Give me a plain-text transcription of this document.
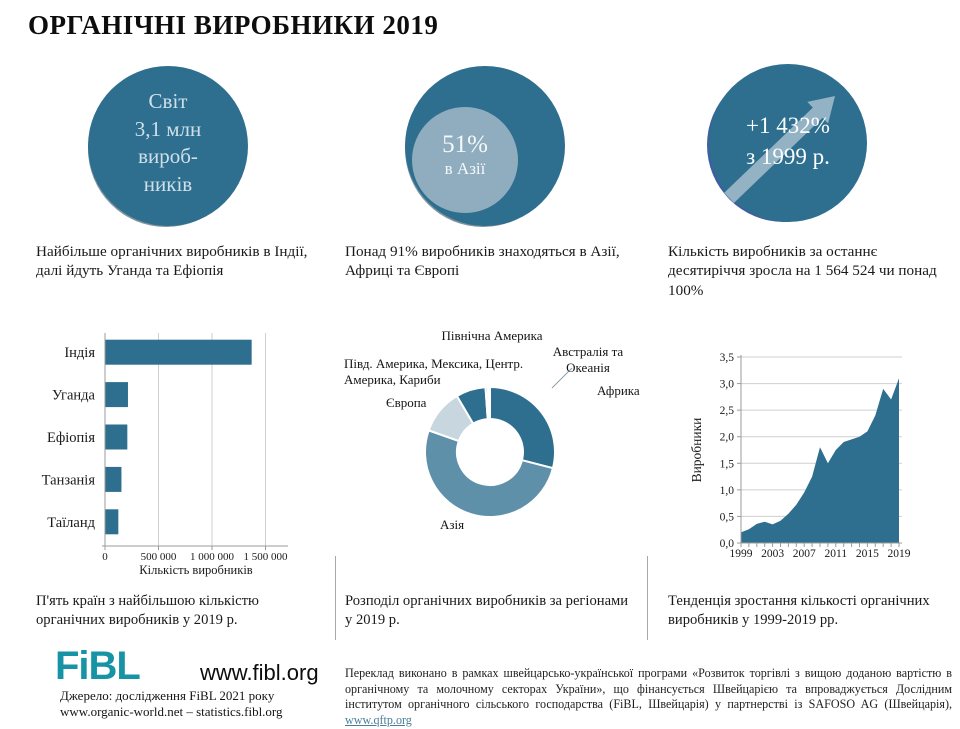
ОРГАНІЧНІ ВИРОБНИКИ 2019
Світ
3,1 млн
вироб-
ників
51%
в Азії
+1 432%
з 1999 р.
Найбільше органічних виробників в Індії, далі йдуть Уганда та Ефіопія
Понад 91% виробників знаходяться в Азії, Африці та Європі
Кількість виробників за останнє десятиріччя зросла на 1 564 524 чи понад 100%
Індія
Уганда
Ефіопія
Танзанія
Таїланд
0	500 000 1 000 000 1 500 000
Кількість виробників
Північна Америка
Австралія та Океанія
Півд. Америка, Мексика, Центр. Америка, Кариби
Європа
Африка
Азія
0,0
0,5
1,0
1,5
2,0
2,5
3,0
3,5
1999 2003 2007 2011 2015 2019
Виробники
П'ять країн з найбільшою кількістю органічних виробників у 2019 р.
Розподіл органічних виробників за регіонами у 2019 р.
Тенденція зростання кількості органічних виробників у 1999-2019 рр.
FiBL	www.fibl.org
Джерело: дослідження FiBL 2021 року
www.organic-world.net – statistics.fibl.org
Переклад виконано в рамках швейцарсько-української програми «Розвиток торгівлі з вищою доданою вартістю в органічному та молочному секторах України», що фінансується Швейцарією та впроваджується Дослідним інститутом органічного сільського господарства (FiBL, Швейцарія) у партнерстві із SAFOSO AG (Швейцарія), www.qftp.org
